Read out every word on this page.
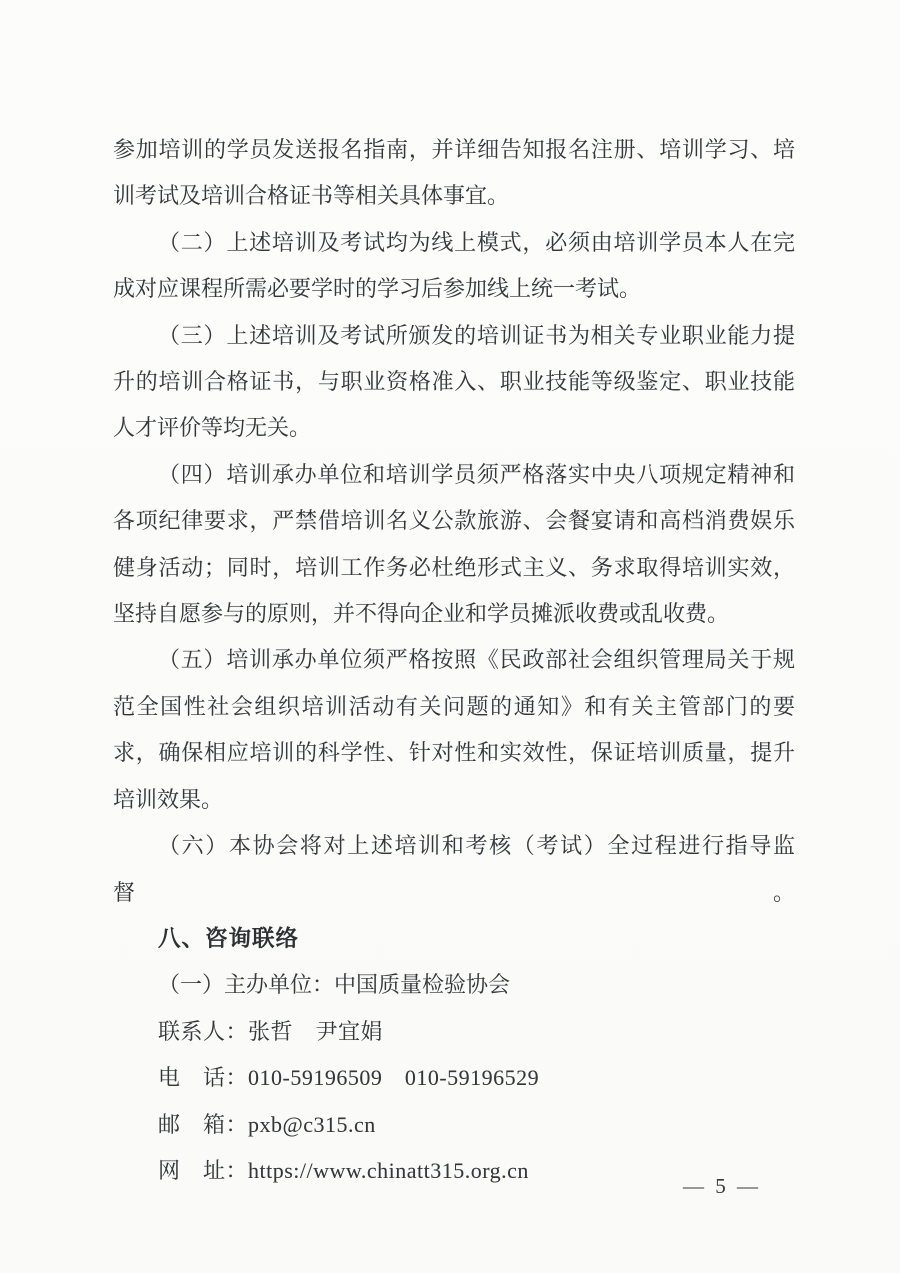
参加培训的学员发送报名指南，并详细告知报名注册、培训学习、培

训考试及培训合格证书等相关具体事宜。

（二）上述培训及考试均为线上模式，必须由培训学员本人在完

成对应课程所需必要学时的学习后参加线上统一考试。

（三）上述培训及考试所颁发的培训证书为相关专业职业能力提

升的培训合格证书，与职业资格准入、职业技能等级鉴定、职业技能

人才评价等均无关。

（四）培训承办单位和培训学员须严格落实中央八项规定精神和

各项纪律要求，严禁借培训名义公款旅游、会餐宴请和高档消费娱乐

健身活动；同时，培训工作务必杜绝形式主义、务求取得培训实效，

坚持自愿参与的原则，并不得向企业和学员摊派收费或乱收费。

（五）培训承办单位须严格按照《民政部社会组织管理局关于规

范全国性社会组织培训活动有关问题的通知》和有关主管部门的要

求，确保相应培训的科学性、针对性和实效性，保证培训质量，提升

培训效果。

（六）本协会将对上述培训和考核（考试）全过程进行指导监督。

八、咨询联络

（一）主办单位：中国质量检验协会

联系人：张哲　尹宜娟

电　话：010-59196509　010-59196529

邮　箱：pxb@c315.cn

网　址：https://www.chinatt315.org.cn

— 5 —
